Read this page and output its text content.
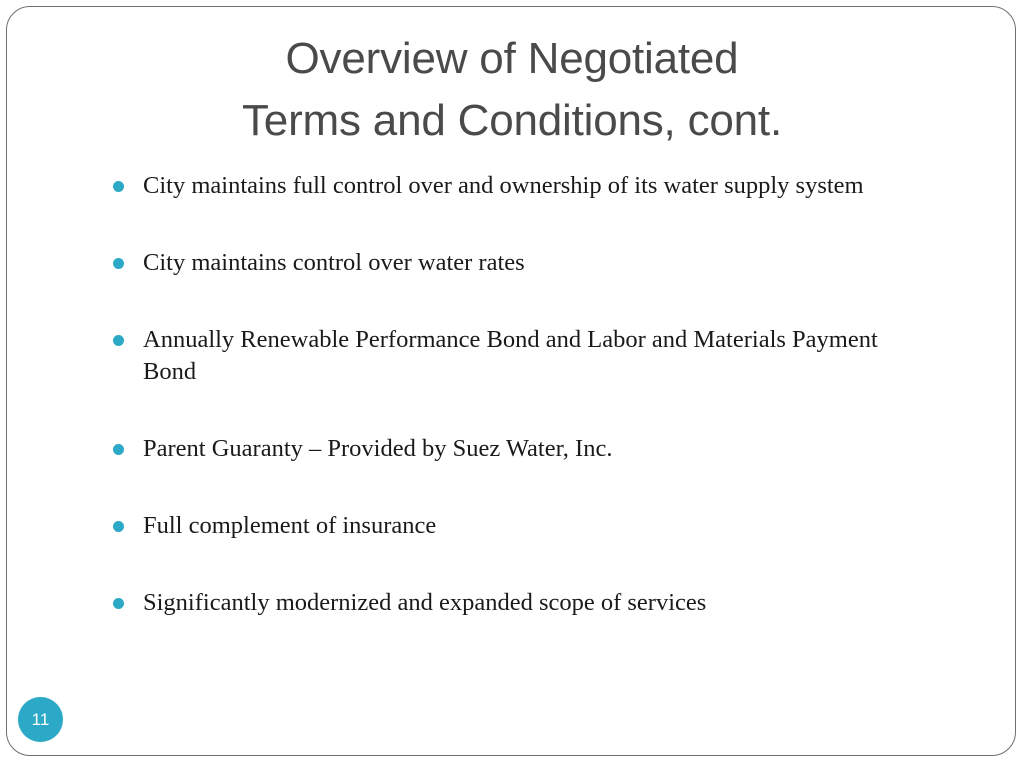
Overview of Negotiated
Terms and Conditions, cont.
City maintains full control over and ownership of its water supply system
City maintains control over water rates
Annually Renewable Performance Bond and Labor and Materials Payment Bond
Parent Guaranty – Provided by Suez Water, Inc.
Full complement of insurance
Significantly modernized and expanded scope of services
11
